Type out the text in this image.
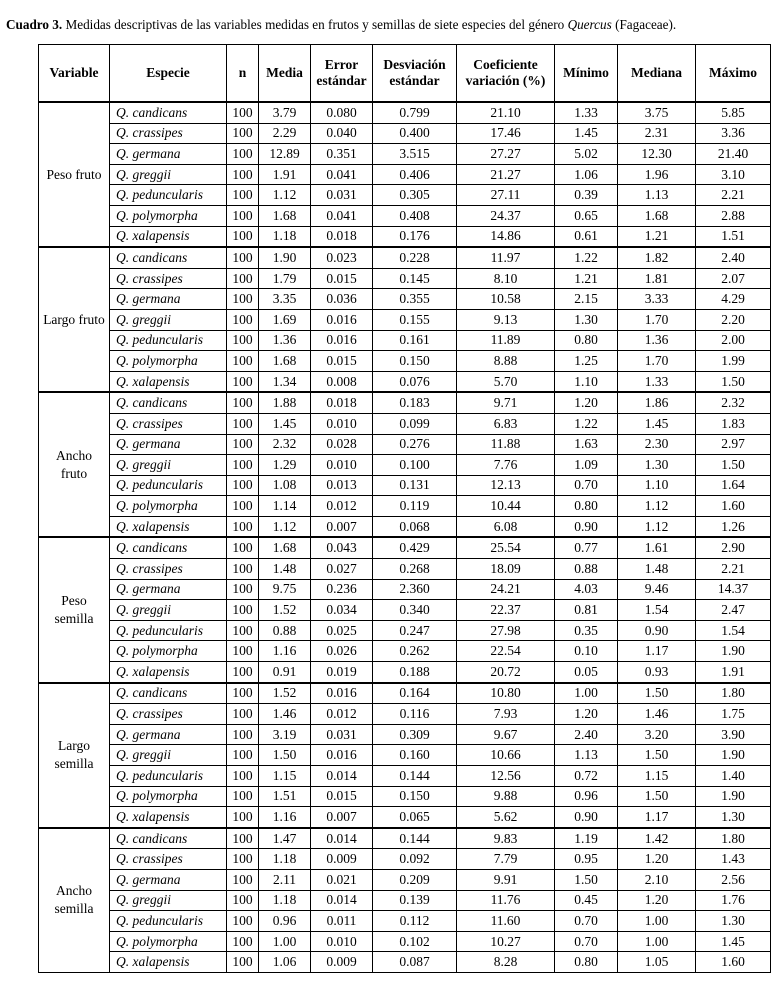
Cuadro 3. Medidas descriptivas de las variables medidas en frutos y semillas de siete especies del género Quercus (Fagaceae).
Variable	Especie	n	Media	Error estándar	Desviación estándar	Coeficiente variación (%)	Mínimo	Mediana	Máximo
Peso fruto	Q. candicans	100	3.79	0.080	0.799	21.10	1.33	3.75	5.85
	Q. crassipes	100	2.29	0.040	0.400	17.46	1.45	2.31	3.36
	Q. germana	100	12.89	0.351	3.515	27.27	5.02	12.30	21.40
	Q. greggii	100	1.91	0.041	0.406	21.27	1.06	1.96	3.10
	Q. peduncularis	100	1.12	0.031	0.305	27.11	0.39	1.13	2.21
	Q. polymorpha	100	1.68	0.041	0.408	24.37	0.65	1.68	2.88
	Q. xalapensis	100	1.18	0.018	0.176	14.86	0.61	1.21	1.51
Largo fruto	Q. candicans	100	1.90	0.023	0.228	11.97	1.22	1.82	2.40
	Q. crassipes	100	1.79	0.015	0.145	8.10	1.21	1.81	2.07
	Q. germana	100	3.35	0.036	0.355	10.58	2.15	3.33	4.29
	Q. greggii	100	1.69	0.016	0.155	9.13	1.30	1.70	2.20
	Q. peduncularis	100	1.36	0.016	0.161	11.89	0.80	1.36	2.00
	Q. polymorpha	100	1.68	0.015	0.150	8.88	1.25	1.70	1.99
	Q. xalapensis	100	1.34	0.008	0.076	5.70	1.10	1.33	1.50
Ancho fruto	Q. candicans	100	1.88	0.018	0.183	9.71	1.20	1.86	2.32
	Q. crassipes	100	1.45	0.010	0.099	6.83	1.22	1.45	1.83
	Q. germana	100	2.32	0.028	0.276	11.88	1.63	2.30	2.97
	Q. greggii	100	1.29	0.010	0.100	7.76	1.09	1.30	1.50
	Q. peduncularis	100	1.08	0.013	0.131	12.13	0.70	1.10	1.64
	Q. polymorpha	100	1.14	0.012	0.119	10.44	0.80	1.12	1.60
	Q. xalapensis	100	1.12	0.007	0.068	6.08	0.90	1.12	1.26
Peso semilla	Q. candicans	100	1.68	0.043	0.429	25.54	0.77	1.61	2.90
	Q. crassipes	100	1.48	0.027	0.268	18.09	0.88	1.48	2.21
	Q. germana	100	9.75	0.236	2.360	24.21	4.03	9.46	14.37
	Q. greggii	100	1.52	0.034	0.340	22.37	0.81	1.54	2.47
	Q. peduncularis	100	0.88	0.025	0.247	27.98	0.35	0.90	1.54
	Q. polymorpha	100	1.16	0.026	0.262	22.54	0.10	1.17	1.90
	Q. xalapensis	100	0.91	0.019	0.188	20.72	0.05	0.93	1.91
Largo semilla	Q. candicans	100	1.52	0.016	0.164	10.80	1.00	1.50	1.80
	Q. crassipes	100	1.46	0.012	0.116	7.93	1.20	1.46	1.75
	Q. germana	100	3.19	0.031	0.309	9.67	2.40	3.20	3.90
	Q. greggii	100	1.50	0.016	0.160	10.66	1.13	1.50	1.90
	Q. peduncularis	100	1.15	0.014	0.144	12.56	0.72	1.15	1.40
	Q. polymorpha	100	1.51	0.015	0.150	9.88	0.96	1.50	1.90
	Q. xalapensis	100	1.16	0.007	0.065	5.62	0.90	1.17	1.30
Ancho semilla	Q. candicans	100	1.47	0.014	0.144	9.83	1.19	1.42	1.80
	Q. crassipes	100	1.18	0.009	0.092	7.79	0.95	1.20	1.43
	Q. germana	100	2.11	0.021	0.209	9.91	1.50	2.10	2.56
	Q. greggii	100	1.18	0.014	0.139	11.76	0.45	1.20	1.76
	Q. peduncularis	100	0.96	0.011	0.112	11.60	0.70	1.00	1.30
	Q. polymorpha	100	1.00	0.010	0.102	10.27	0.70	1.00	1.45
	Q. xalapensis	100	1.06	0.009	0.087	8.28	0.80	1.05	1.60
